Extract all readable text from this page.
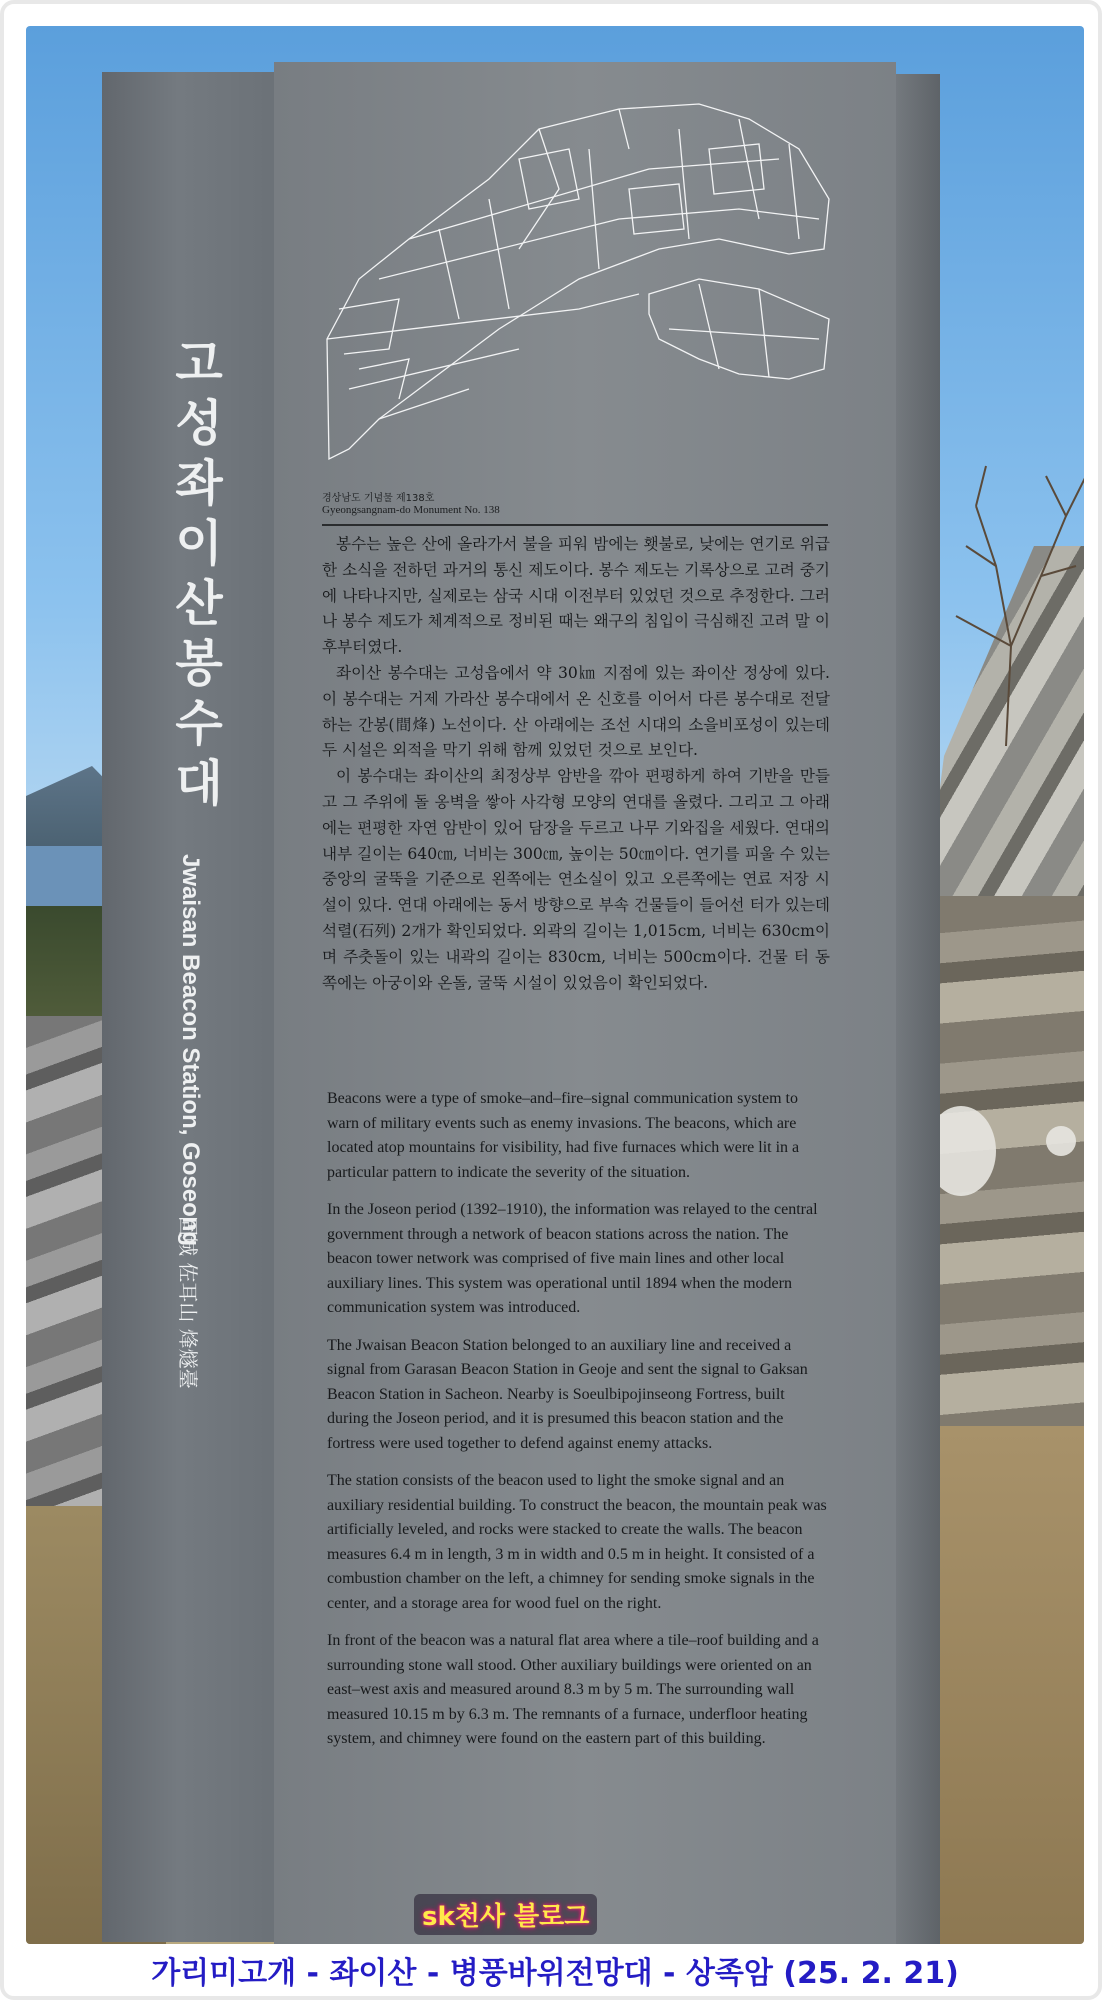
고성 좌이산 봉수대
Jwaisan Beacon Station, Goseong
固城 佐耳山 烽燧臺
경상남도 기념물 제138호
Gyeongsangnam-do Monument No. 138

봉수는 높은 산에 올라가서 불을 피워 밤에는 횃불로, 낮에는 연기로 위급한 소식을 전하던 과거의 통신 제도이다. 봉수 제도는 기록상으로 고려 중기에 나타나지만, 실제로는 삼국 시대 이전부터 있었던 것으로 추정한다. 그러나 봉수 제도가 체계적으로 정비된 때는 왜구의 침입이 극심해진 고려 말 이후부터였다.

좌이산 봉수대는 고성읍에서 약 30㎞ 지점에 있는 좌이산 정상에 있다. 이 봉수대는 거제 가라산 봉수대에서 온 신호를 이어서 다른 봉수대로 전달하는 간봉(間烽) 노선이다. 산 아래에는 조선 시대의 소을비포성이 있는데 두 시설은 외적을 막기 위해 함께 있었던 것으로 보인다.

이 봉수대는 좌이산의 최정상부 암반을 깎아 편평하게 하여 기반을 만들고 그 주위에 돌 옹벽을 쌓아 사각형 모양의 연대를 올렸다. 그리고 그 아래에는 편평한 자연 암반이 있어 담장을 두르고 나무 기와집을 세웠다. 연대의 내부 길이는 640㎝, 너비는 300㎝, 높이는 50㎝이다. 연기를 피울 수 있는 중앙의 굴뚝을 기준으로 왼쪽에는 연소실이 있고 오른쪽에는 연료 저장 시설이 있다. 연대 아래에는 동서 방향으로 부속 건물들이 들어선 터가 있는데 석렬(石列) 2개가 확인되었다. 외곽의 길이는 1,015cm, 너비는 630cm이며 주춧돌이 있는 내곽의 길이는 830cm, 너비는 500cm이다. 건물 터 동쪽에는 아궁이와 온돌, 굴뚝 시설이 있었음이 확인되었다.

Beacons were a type of smoke–and–fire–signal communication system to warn of military events such as enemy invasions. The beacons, which are located atop mountains for visibility, had five furnaces which were lit in a particular pattern to indicate the severity of the situation.

In the Joseon period (1392–1910), the information was relayed to the central government through a network of beacon stations across the nation. The beacon tower network was comprised of five main lines and other local auxiliary lines. This system was operational until 1894 when the modern communication system was introduced.

The Jwaisan Beacon Station belonged to an auxiliary line and received a signal from Garasan Beacon Station in Geoje and sent the signal to Gaksan Beacon Station in Sacheon. Nearby is Soeulbipojinseong Fortress, built during the Joseon period, and it is presumed this beacon station and the fortress were used together to defend against enemy attacks.

The station consists of the beacon used to light the smoke signal and an auxiliary residential building. To construct the beacon, the mountain peak was artificially leveled, and rocks were stacked to create the walls. The beacon measures 6.4 m in length, 3 m in width and 0.5 m in height. It consisted of a combustion chamber on the left, a chimney for sending smoke signals in the center, and a storage area for wood fuel on the right.

In front of the beacon was a natural flat area where a tile–roof building and a surrounding stone wall stood. Other auxiliary buildings were oriented on an east–west axis and measured around 8.3 m by 5 m. The surrounding wall measured 10.15 m by 6.3 m. The remnants of a furnace, underfloor heating system, and chimney were found on the eastern part of this building.

sk천사 블로그
가리미고개 - 좌이산 - 병풍바위전망대 - 상족암 (25. 2. 21)
